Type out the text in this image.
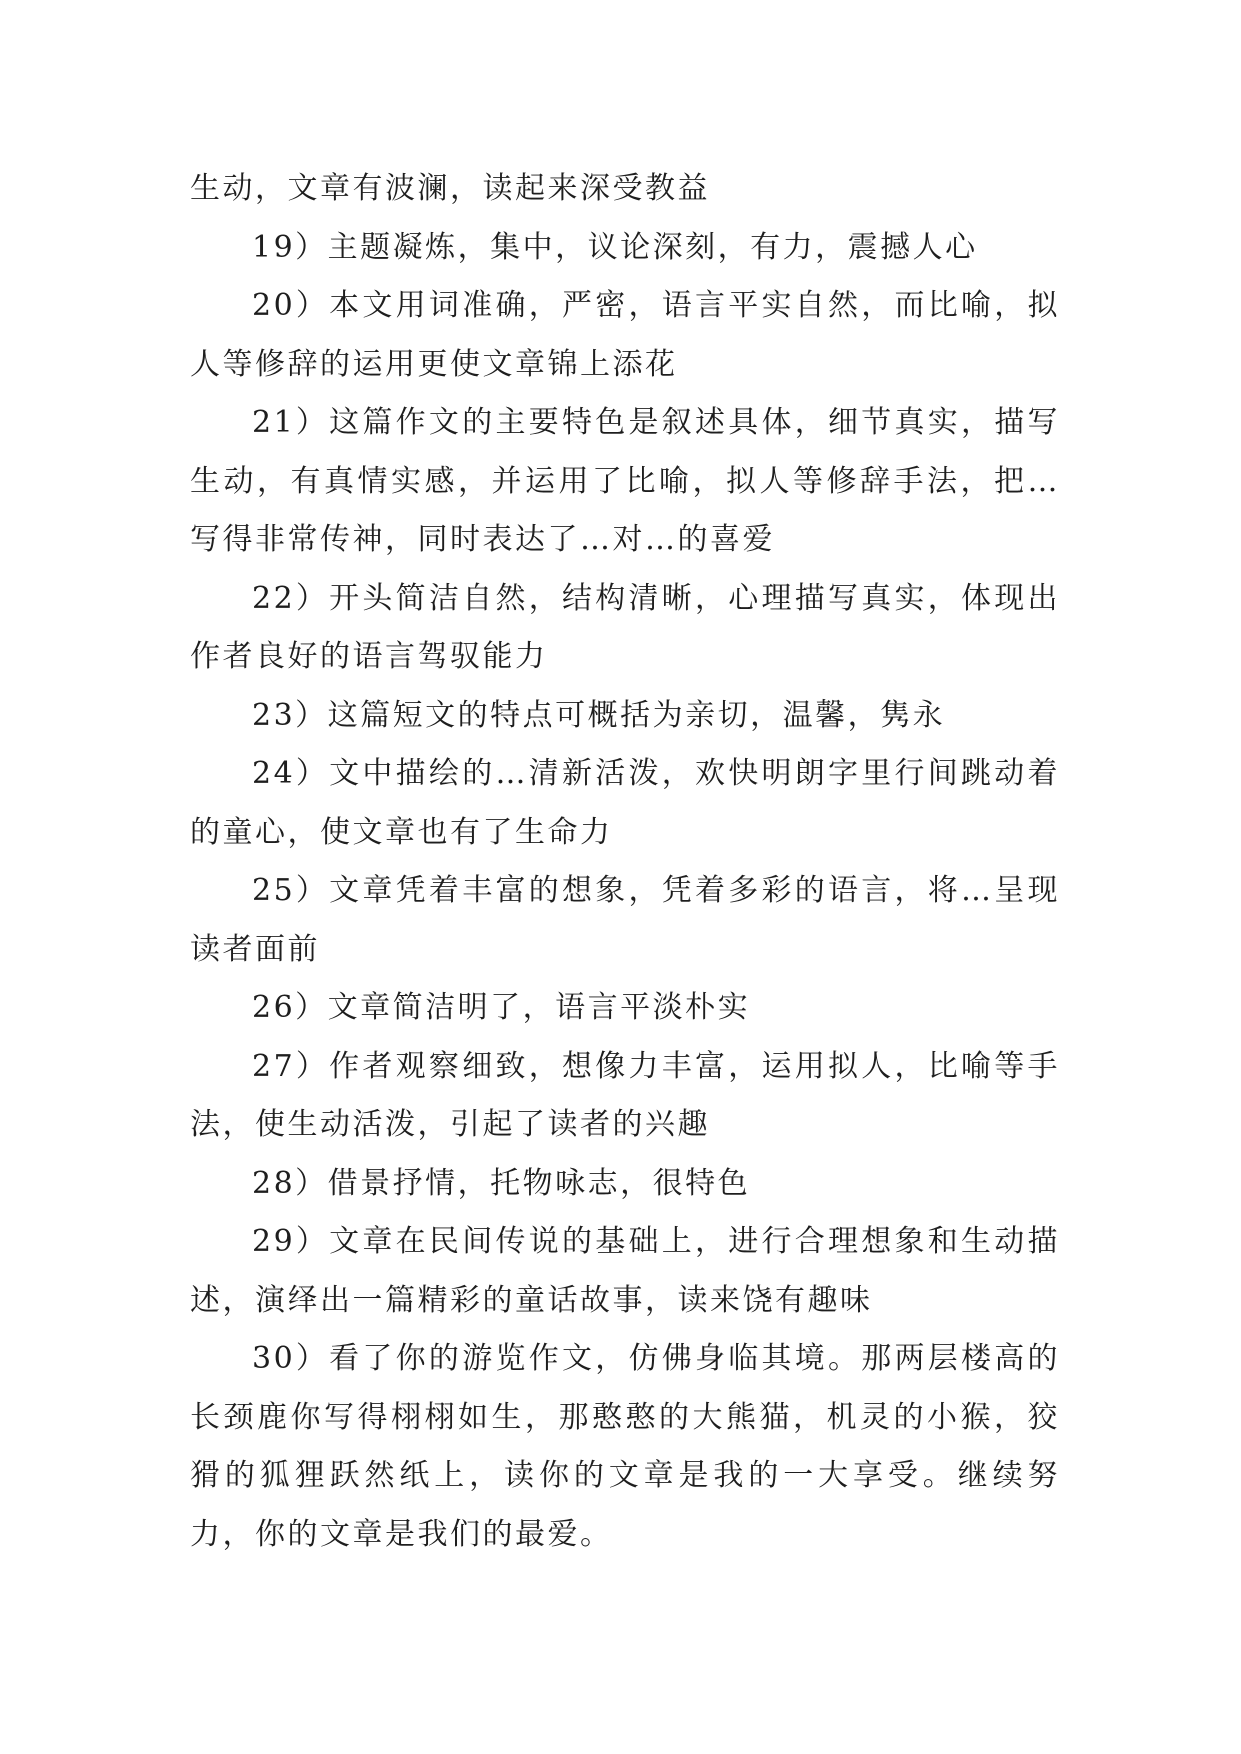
生动，文章有波澜，读起来深受教益

19）主题凝炼，集中，议论深刻，有力，震撼人心

20）本文用词准确，严密，语言平实自然，而比喻，拟人等修辞的运用更使文章锦上添花

21）这篇作文的主要特色是叙述具体，细节真实，描写生动，有真情实感，并运用了比喻，拟人等修辞手法，把…写得非常传神，同时表达了…对…的喜爱

22）开头简洁自然，结构清晰，心理描写真实，体现出作者良好的语言驾驭能力

23）这篇短文的特点可概括为亲切，温馨，隽永

24）文中描绘的…清新活泼，欢快明朗字里行间跳动着的童心，使文章也有了生命力

25）文章凭着丰富的想象，凭着多彩的语言，将…呈现读者面前

26）文章简洁明了，语言平淡朴实

27）作者观察细致，想像力丰富，运用拟人，比喻等手法，使生动活泼，引起了读者的兴趣

28）借景抒情，托物咏志，很特色

29）文章在民间传说的基础上，进行合理想象和生动描述，演绎出一篇精彩的童话故事，读来饶有趣味

30）看了你的游览作文，仿佛身临其境。那两层楼高的长颈鹿你写得栩栩如生，那憨憨的大熊猫，机灵的小猴，狡猾的狐狸跃然纸上，读你的文章是我的一大享受。继续努力，你的文章是我们的最爱。
